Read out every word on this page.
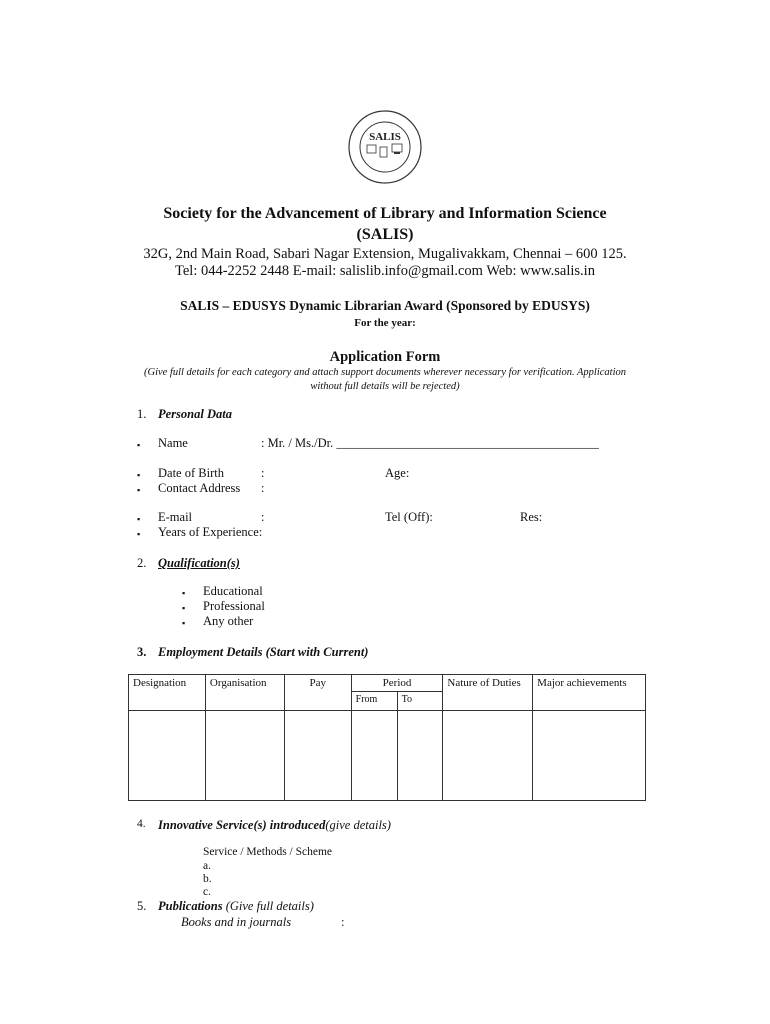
SALIS
Society for the Advancement of Library and Information Science
(SALIS)
32G, 2nd Main Road, Sabari Nagar Extension, Mugalivakkam, Chennai – 600 125.
Tel: 044-2252 2448 E-mail: salislib.info@gmail.com Web: www.salis.in
SALIS – EDUSYS Dynamic Librarian Award (Sponsored by EDUSYS)
For the year:
Application Form
(Give full details for each category and attach support documents wherever necessary for verification. Application
without full details will be rejected)
1. Personal Data
▪ Name	: Mr. / Ms./Dr. __________________________________________
▪ Date of Birth	:	Age:
▪ Contact Address :
▪ E-mail	:	Tel (Off):	Res:
▪ Years of Experience:
2. Qualification(s)
▪ Educational
▪ Professional
▪ Any other
3. Employment Details (Start with Current)
Designation	Organisation	Pay	Period		Nature of Duties	Major achievements
			From	To		

4. Innovative Service(s) introduced(give details)
Service / Methods / Scheme
a.
b.
c.
5. Publications (Give full details)
Books and in journals	:
